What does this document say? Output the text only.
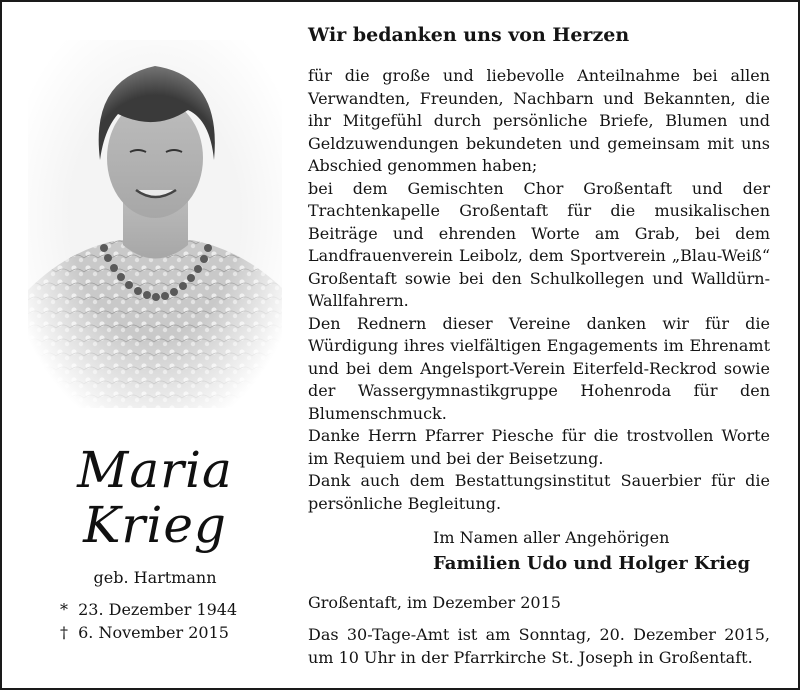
Maria
Krieg
geb. Hartmann
* 23. Dezember 1944
† 6. November 2015
Wir bedanken uns von Herzen

für die große und liebevolle Anteilnahme bei allen Verwandten, Freunden, Nachbarn und Bekannten, die ihr Mitgefühl durch persönliche Briefe, Blumen und Geldzuwendungen bekundeten und gemeinsam mit uns Abschied genommen haben;

bei dem Gemischten Chor Großentaft und der Trachtenkapelle Großentaft für die musikalischen Beiträge und ehrenden Worte am Grab, bei dem Landfrauenverein Leibolz, dem Sportverein „Blau-Weiß“ Großentaft sowie bei den Schulkollegen und Walldürn-Wallfahrern.

Den Rednern dieser Vereine danken wir für die Würdigung ihres vielfältigen Engagements im Ehrenamt und bei dem Angelsport-Verein Eiterfeld-Reckrod sowie der Wassergymnastikgruppe Hohenroda für den Blumenschmuck.

Danke Herrn Pfarrer Piesche für die trostvollen Worte im Requiem und bei der Beisetzung.

Dank auch dem Bestattungsinstitut Sauerbier für die persönliche Begleitung.

Im Namen aller Angehörigen
Familien Udo und Holger Krieg
Großentaft, im Dezember 2015

Das 30-Tage-Amt ist am Sonntag, 20. Dezember 2015, um 10 Uhr in der Pfarrkirche St. Joseph in Großentaft.
